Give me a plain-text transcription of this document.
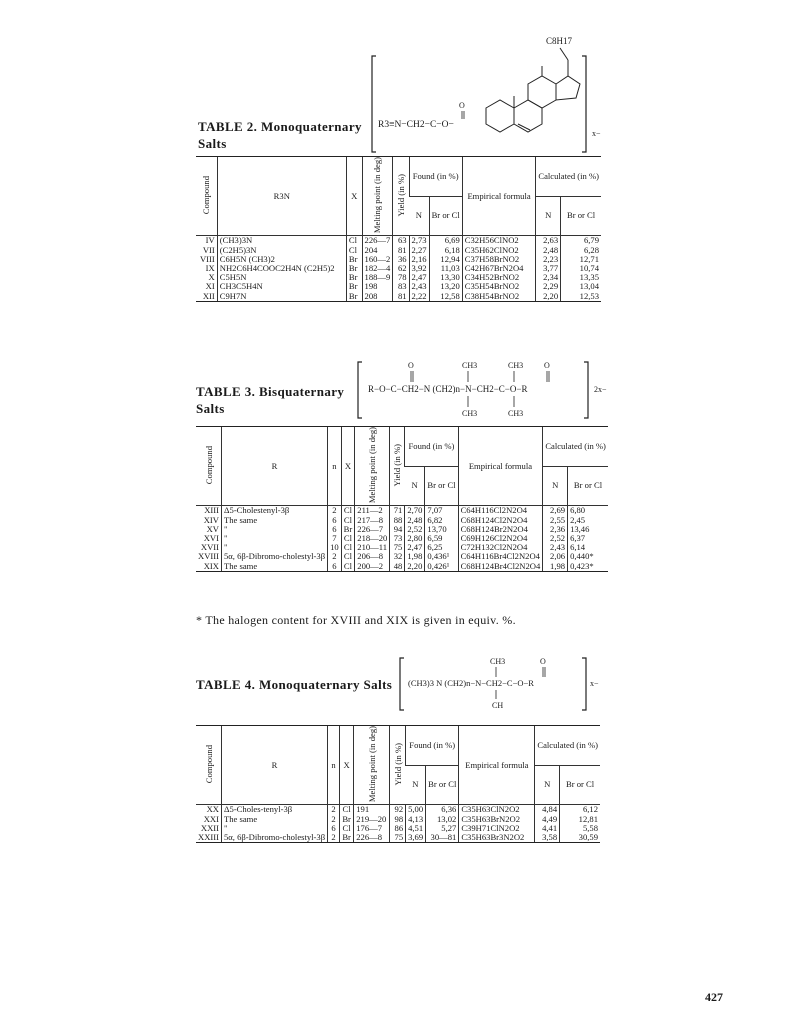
TABLE 2. Monoquaternary
Salts
C8H17
R3≡N−CH2−C−O−
O
x−
Compound	R3N	X	Melting point (in deg)	Yield (in %)	Found (in %)		Empirical formula	Calculated (in %)	
					N	Br or Cl		N	Br or Cl
IV	(CH3)3N	Cl	226—7	63	2,73	6,69	C32H56ClNO2	2,63	6,79
VII	(C2H5)3N	Cl	204	81	2,27	6,18	C35H62ClNO2	2,48	6,28
VIII	C6H5N (CH3)2	Br	160—2	36	2,16	12,94	C37H58BrNO2	2,23	12,71
IX	NH2C6H4COOC2H4N (C2H5)2	Br	182—4	62	3,92	11,03	C42H67BrN2O4	3,77	10,74
X	C5H5N	Br	188—9	78	2,47	13,30	C34H52BrNO2	2,34	13,35
XI	CH3C5H4N	Br	198	83	2,43	13,20	C35H54BrNO2	2,29	13,04
XII	C9H7N	Br	208	81	2,22	12,58	C38H54BrNO2	2,20	12,53
TABLE 3. Bisquaternary
Salts
O	CH3	CH3	O
R−O−C−CH2−N (CH2)n−N−CH2−C−O−R
CH3	CH3
2x−
Compound	R	n	X	Melting point (in deg)	Yield (in %)	Found (in %)		Empirical formula	Calculated (in %)	
						N	Br or Cl		N	Br or Cl
XIII	Δ5-Cholestenyl-3β	2	Cl	211—2	71	2,70	7,07	C64H116Cl2N2O4	2,69	6,80
XIV	The same	6	Cl	217—8	88	2,48	6,82	C68H124Cl2N2O4	2,55	2,45
XV	"	6	Br	226—7	94	2,52	13,70	C68H124Br2N2O4	2,36	13,46
XVI	"	7	Cl	218—20	73	2,80	6,59	C69H126Cl2N2O4	2,52	6,37
XVII	"	10	Cl	210—11	75	2,47	6,25	C72H132Cl2N2O4	2,43	6,14
XVIII	5α, 6β-Dibromo-cholestyl-3β	2	Cl	206—8	32	1,98	0,436¹	C64H116Br4Cl2N2O4	2,06	0,440*
XIX	The same	6	Cl	200—2	48	2,20	0,426¹	C68H124Br4Cl2N2O4	1,98	0,423*
* The halogen content for XVIII and XIX is given in equiv. %.
TABLE 4. Monoquaternary Salts
CH3	O
(CH3)3 N (CH2)n−N−CH2−C−O−R
CH
x−
Compound	R	n	X	Melting point (in deg)	Yield (in %)	Found (in %)		Empirical formula	Calculated (in %)	
						N	Br or Cl		N	Br or Cl
XX	Δ5-Choles-tenyl-3β	2	Cl	191	92	5,00	6,36	C35H63ClN2O2	4,84	6,12
XXI	The same	2	Br	219—20	98	4,13	13,02	C35H63BrN2O2	4,49	12,81
XXII	"	6	Cl	176—7	86	4,51	5,27	C39H71ClN2O2	4,41	5,58
XXIII	5α, 6β-Dibromo-cholestyl-3β	2	Br	226—8	75	3,69	30—81	C35H63Br3N2O2	3,58	30,59
427
